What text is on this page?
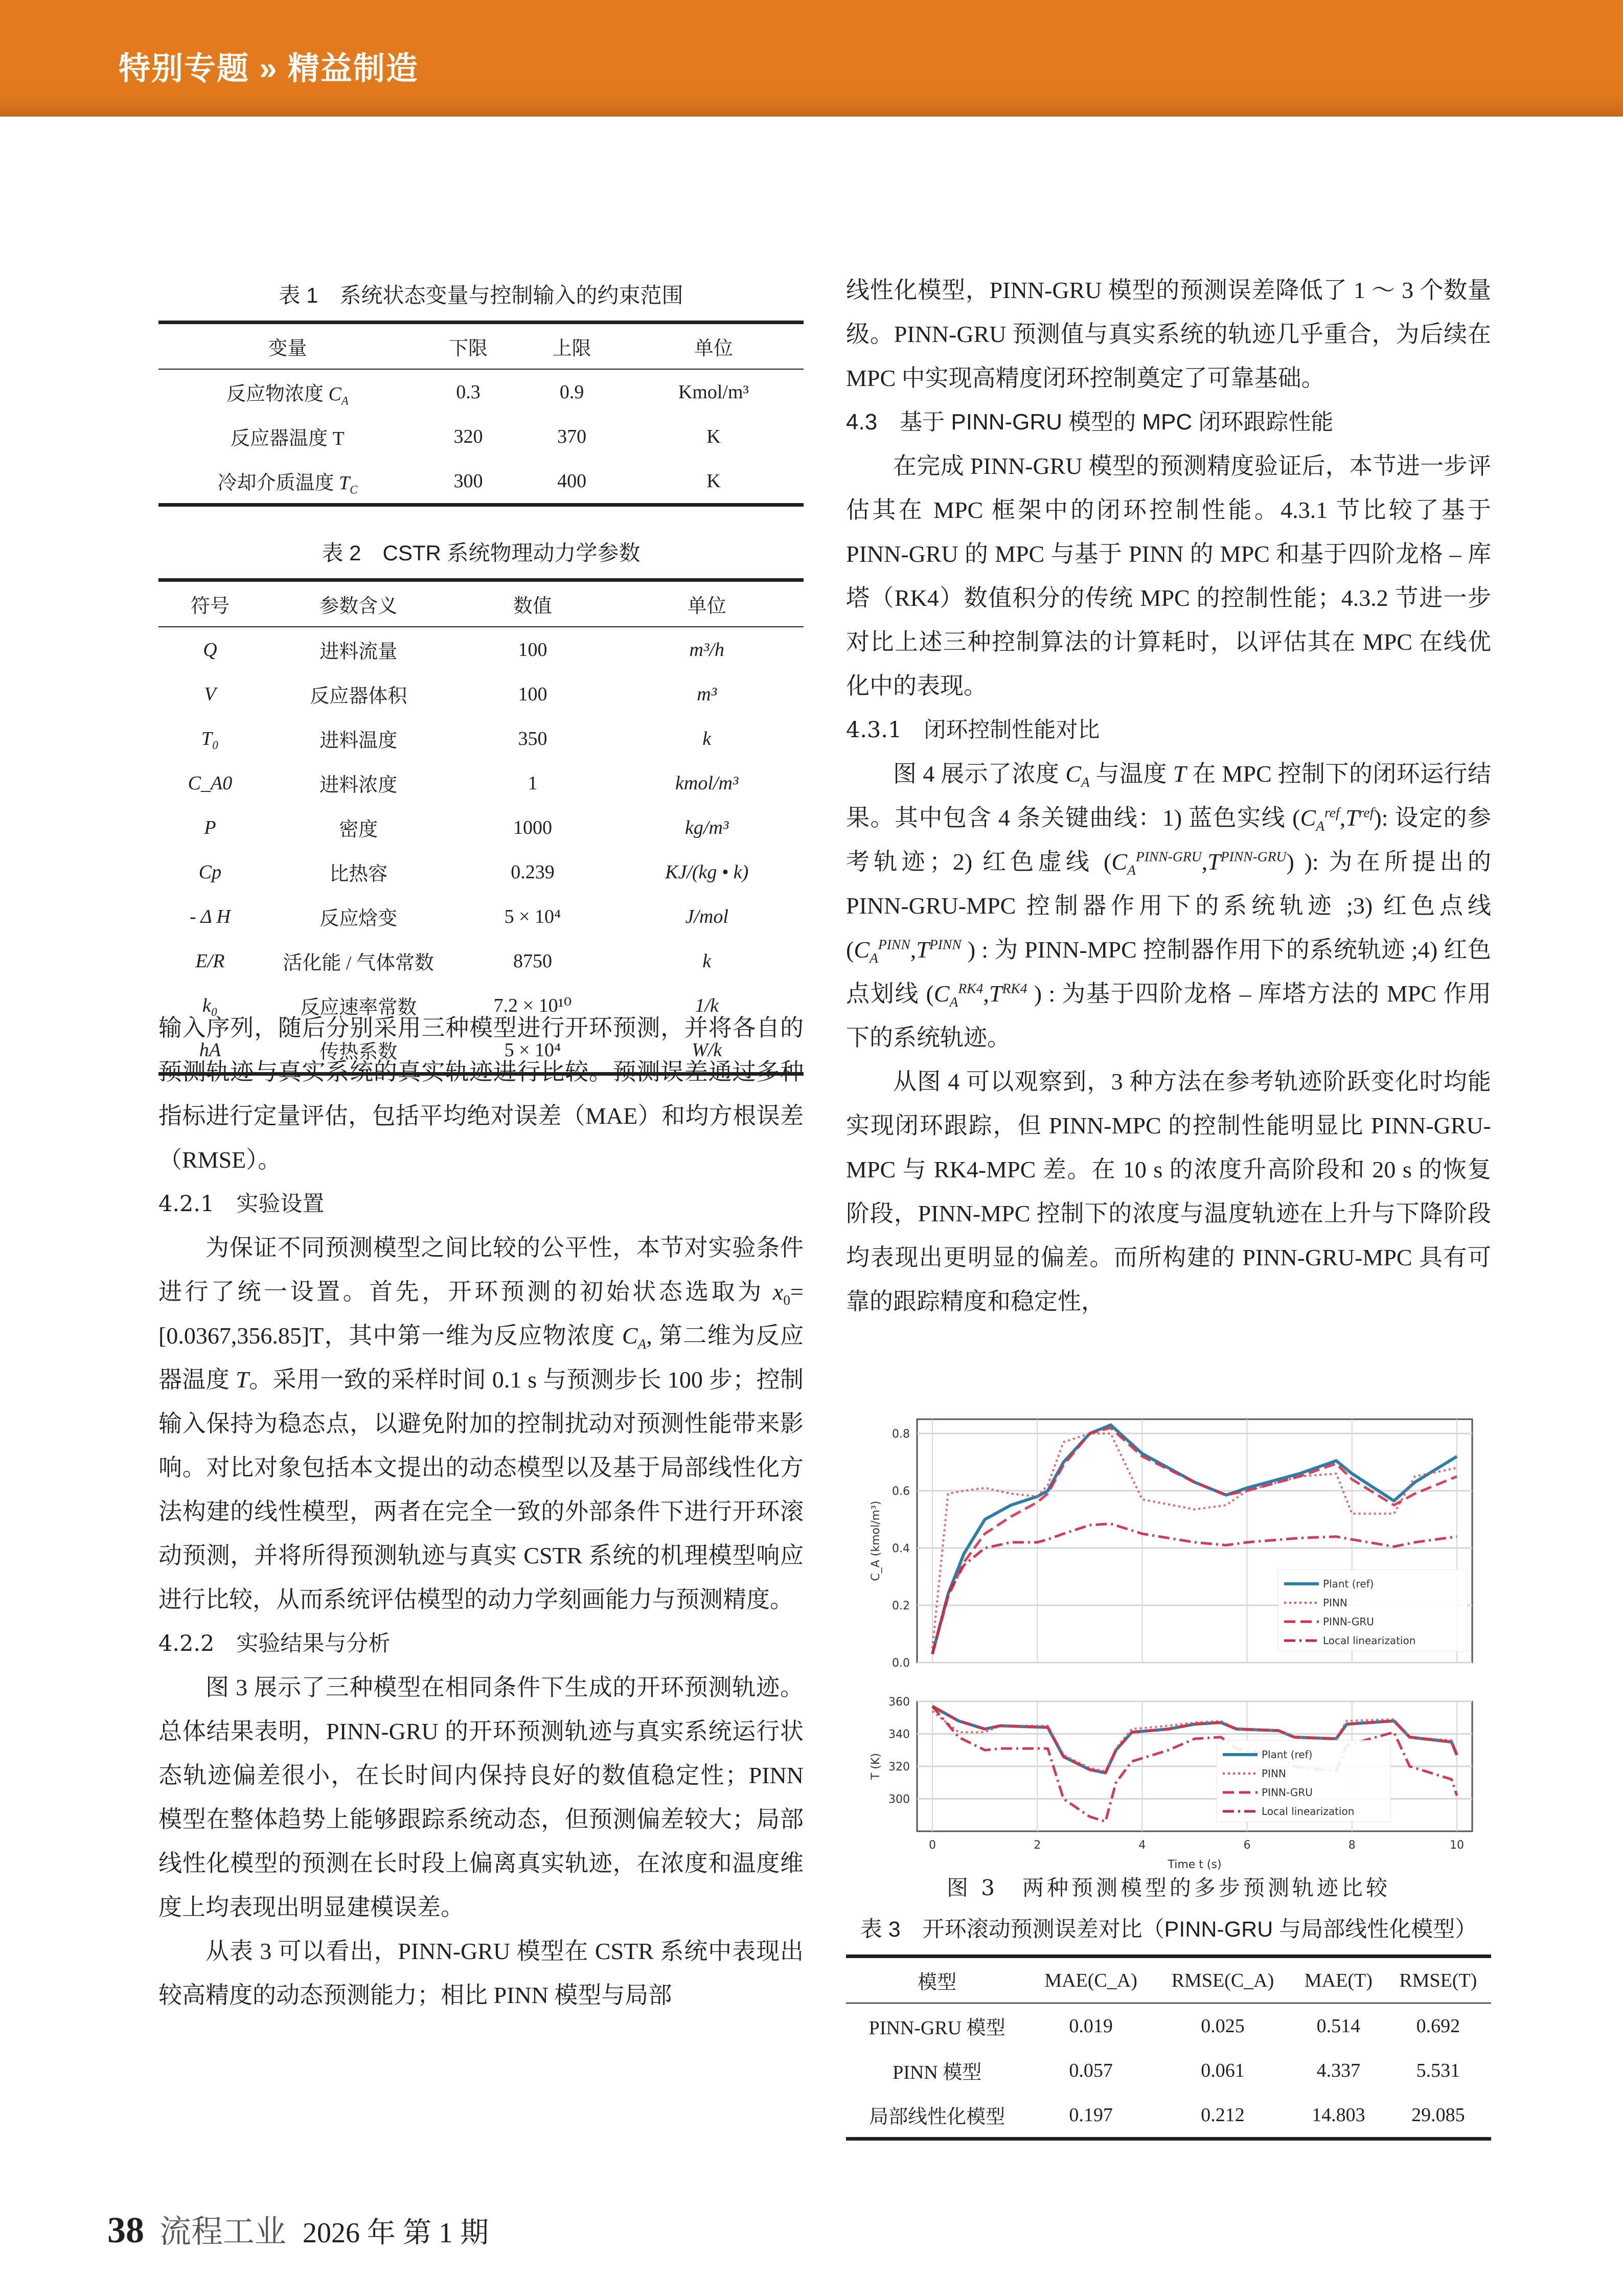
特别专题 » 精益制造
表 1　系统状态变量与控制输入的约束范围
变量	下限	上限	单位
反应物浓度 $C_A$	0.3	0.9	Kmol/m³
反应器温度 T	320	370	K
冷却介质温度 $T_C$	300	400	K
表 2　CSTR 系统物理动力学参数
符号	参数含义	数值	单位
Q	进料流量	100	m³/h
V	反应器体积	100	m³
T₀	进料温度	350	k
C_A0	进料浓度	1	kmol/m³
P	密度	1000	kg/m³
Cp	比热容	0.239	KJ/(kg • k)
- Δ H	反应焓变	5 × 10⁴	J/mol
E/R	活化能 / 气体常数	8750	k
k₀	反应速率常数	7.2 × 10¹⁰	1/k
hA	传热系数	5 × 10⁴	W/k

输入序列，随后分别采用三种模型进行开环预测，并将各自的预测轨迹与真实系统的真实轨迹进行比较。预测误差通过多种指标进行定量评估，包括平均绝对误差（MAE）和均方根误差（RMSE）。

4.2.1　实验设置

为保证不同预测模型之间比较的公平性，本节对实验条件进行了统一设置。首先，开环预测的初始状态选取为 $x_0=[0.0367,356.85]T$，其中第一维为反应物浓度 $C_A$, 第二维为反应器温度 T。采用一致的采样时间 0.1 s 与预测步长 100 步；控制输入保持为稳态点，以避免附加的控制扰动对预测性能带来影响。对比对象包括本文提出的动态模型以及基于局部线性化方法构建的线性模型，两者在完全一致的外部条件下进行开环滚动预测，并将所得预测轨迹与真实 CSTR 系统的机理模型响应进行比较，从而系统评估模型的动力学刻画能力与预测精度。

4.2.2　实验结果与分析

图 3 展示了三种模型在相同条件下生成的开环预测轨迹。总体结果表明，PINN-GRU 的开环预测轨迹与真实系统运行状态轨迹偏差很小，在长时间内保持良好的数值稳定性；PINN 模型在整体趋势上能够跟踪系统动态，但预测偏差较大；局部线性化模型的预测在长时段上偏离真实轨迹，在浓度和温度维度上均表现出明显建模误差。

从表 3 可以看出，PINN-GRU 模型在 CSTR 系统中表现出较高精度的动态预测能力；相比 PINN 模型与局部

线性化模型，PINN-GRU 模型的预测误差降低了 1 ～ 3 个数量级。PINN-GRU 预测值与真实系统的轨迹几乎重合，为后续在 MPC 中实现高精度闭环控制奠定了可靠基础。

4.3　基于 PINN-GRU 模型的 MPC 闭环跟踪性能

在完成 PINN-GRU 模型的预测精度验证后，本节进一步评估其在 MPC 框架中的闭环控制性能。4.3.1 节比较了基于 PINN-GRU 的 MPC 与基于 PINN 的 MPC 和基于四阶龙格 – 库塔（RK4）数值积分的传统 MPC 的控制性能；4.3.2 节进一步对比上述三种控制算法的计算耗时，以评估其在 MPC 在线优化中的表现。

4.3.1　闭环控制性能对比

图 4 展示了浓度 $C_A$ 与温度 T 在 MPC 控制下的闭环运行结果。其中包含 4 条关键曲线：1) 蓝色实线 $(C_A^{ref},T^{ref})$: 设定的参考轨迹；2) 红色虚线 $(C_A^{PINN-GRU},T^{PINN-GRU})$ ): 为在所提出的 PINN-GRU-MPC 控制器作用下的系统轨迹 ;3) 红色点线 ($C_A^{PINN},T^{PINN}$ ) : 为 PINN-MPC 控制器作用下的系统轨迹 ;4) 红色点划线 ($C_A^{RK4},T^{RK4}$ ) : 为基于四阶龙格 – 库塔方法的 MPC 作用下的系统轨迹。

从图 4 可以观察到，3 种方法在参考轨迹阶跃变化时均能实现闭环跟踪，但 PINN-MPC 的控制性能明显比 PINN-GRU-MPC 与 RK4-MPC 差。在 10 s 的浓度升高阶段和 20 s 的恢复阶段，PINN-MPC 控制下的浓度与温度轨迹在上升与下降阶段均表现出更明显的偏差。而所构建的 PINN-GRU-MPC 具有可靠的跟踪精度和稳定性，

0.0
0.2
0.4
0.6
0.8
C_A (kmol/m³)
Plant (ref)
PINN
PINN-GRU
Local linearization
300
320
340
360
T (K)	Plant (ref)
PINN
PINN-GRU
Local linearization
0	2	4	6	8	10
Time t (s)
图 3　两种预测模型的多步预测轨迹比较
表 3　开环滚动预测误差对比（PINN-GRU 与局部线性化模型）
模型	MAE(C_A)	RMSE(C_A)	MAE(T)	RMSE(T)
PINN-GRU 模型	0.019	0.025	0.514	0.692
PINN 模型	0.057	0.061	4.337	5.531
局部线性化模型	0.197	0.212	14.803	29.085
38 流程工业 2026 年 第 1 期
